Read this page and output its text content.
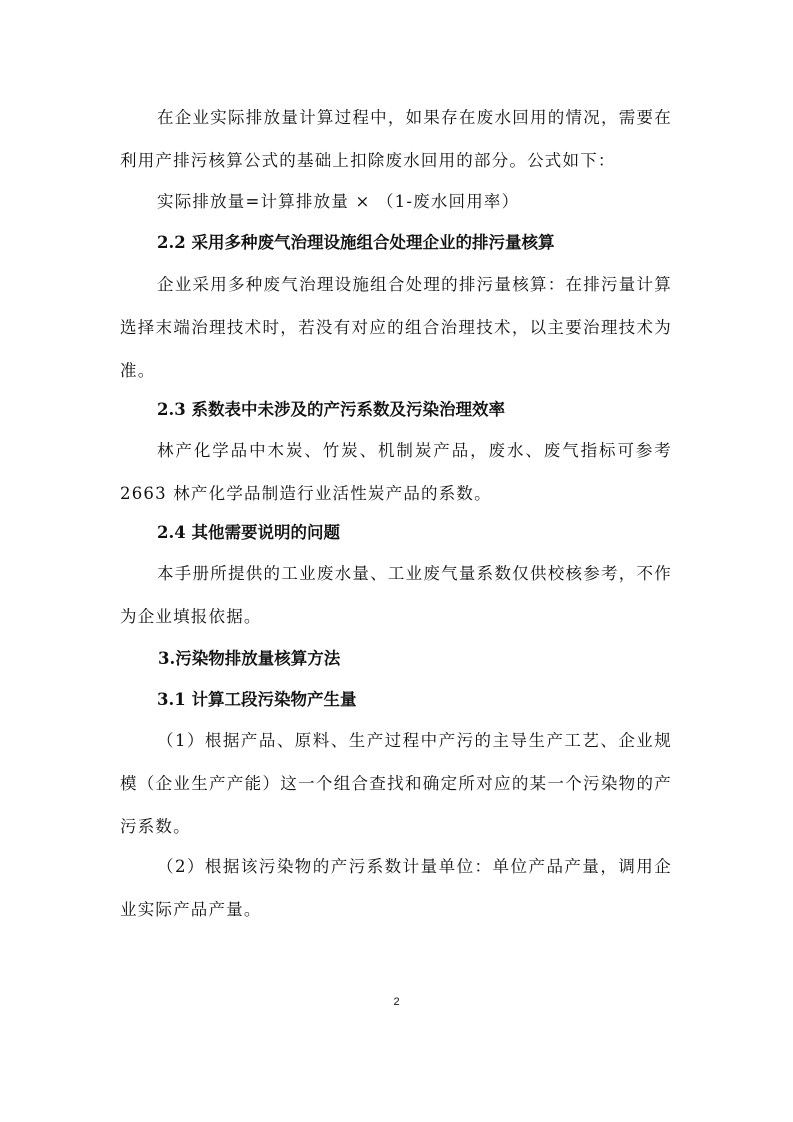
在企业实际排放量计算过程中，如果存在废水回用的情况，需要在利用产排污核算公式的基础上扣除废水回用的部分。公式如下：

实际排放量=计算排放量 × （1-废水回用率）

2.2 采用多种废气治理设施组合处理企业的排污量核算

企业采用多种废气治理设施组合处理的排污量核算：在排污量计算选择末端治理技术时，若没有对应的组合治理技术，以主要治理技术为准。

2.3 系数表中未涉及的产污系数及污染治理效率

林产化学品中木炭、竹炭、机制炭产品，废水、废气指标可参考 2663 林产化学品制造行业活性炭产品的系数。

2.4 其他需要说明的问题

本手册所提供的工业废水量、工业废气量系数仅供校核参考，不作为企业填报依据。

3.污染物排放量核算方法
3.1 计算工段污染物产生量

（1）根据产品、原料、生产过程中产污的主导生产工艺、企业规模（企业生产产能）这一个组合查找和确定所对应的某一个污染物的产污系数。

（2）根据该污染物的产污系数计量单位：单位产品产量，调用企业实际产品产量。

2
